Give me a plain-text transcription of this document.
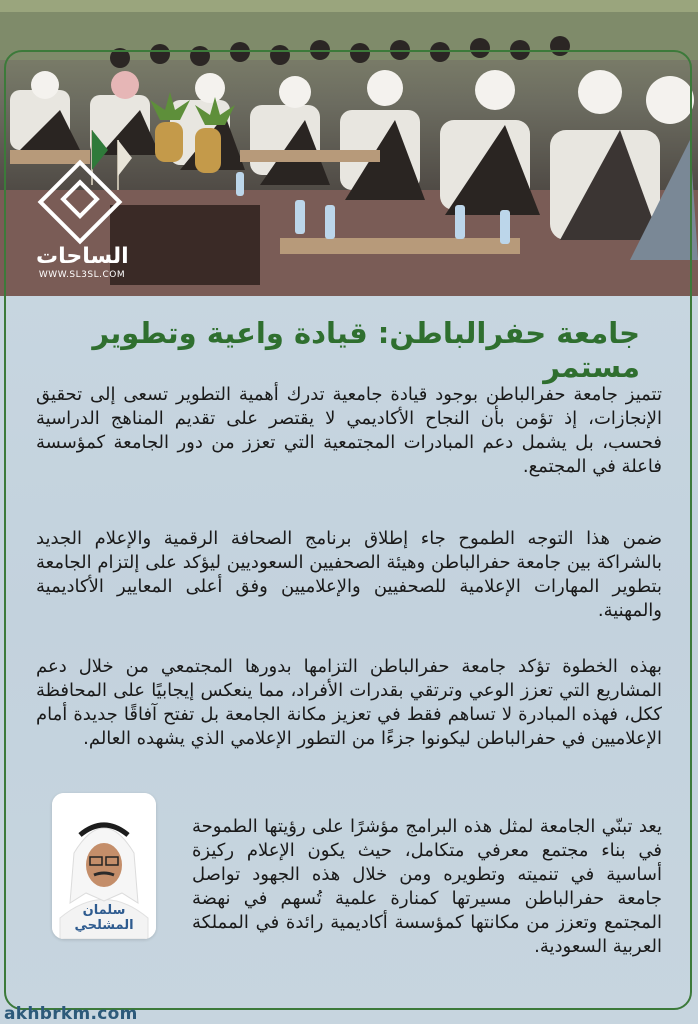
الساحات
WWW.SL3SL.COM
جامعة حفرالباطن: قيادة واعية وتطوير مستمر

تتميز جامعة حفرالباطن بوجود قيادة جامعية تدرك أهمية التطوير تسعى إلى تحقيق الإنجازات، إذ تؤمن بأن النجاح الأكاديمي لا يقتصر على تقديم المناهج الدراسية فحسب، بل يشمل دعم المبادرات المجتمعية التي تعزز من دور الجامعة كمؤسسة فاعلة في المجتمع.

ضمن هذا التوجه الطموح جاء إطلاق برنامج الصحافة الرقمية والإعلام الجديد بالشراكة بين جامعة حفرالباطن وهيئة الصحفيين السعوديين ليؤكد على إلتزام الجامعة بتطوير المهارات الإعلامية للصحفيين والإعلاميين وفق أعلى المعايير الأكاديمية والمهنية.

بهذه الخطوة تؤكد جامعة حفرالباطن التزامها بدورها المجتمعي من خلال دعم المشاريع التي تعزز الوعي وترتقي بقدرات الأفراد، مما ينعكس إيجابيًا على المحافظة ككل، فهذه المبادرة لا تساهم فقط في تعزيز مكانة الجامعة بل تفتح آفاقًا جديدة أمام الإعلاميين في حفرالباطن ليكونوا جزءًا من التطور الإعلامي الذي يشهده العالم.

يعد تبنّي الجامعة لمثل هذه البرامج مؤشرًا على رؤيتها الطموحة في بناء مجتمع معرفي متكامل، حيث يكون الإعلام ركيزة أساسية في تنميته وتطويره ومن خلال هذه الجهود تواصل جامعة حفرالباطن مسيرتها كمنارة علمية تُسهم في نهضة المجتمع وتعزز من مكانتها كمؤسسة أكاديمية رائدة في المملكة العربية السعودية.

سلمان المشلحي
akhbrkm.com
